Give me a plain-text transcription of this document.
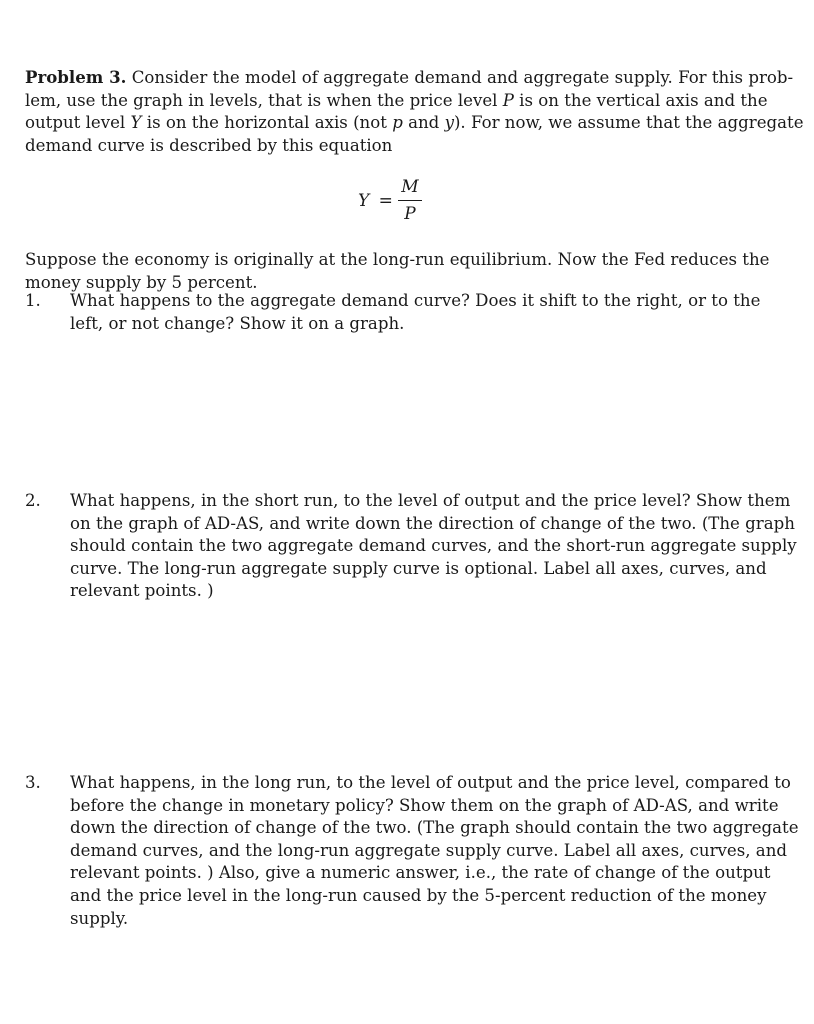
Problem 3. Consider the model of aggregate demand and aggregate supply. For this prob-
lem, use the graph in levels, that is when the price level P is on the vertical axis and the
output level Y is on the horizontal axis (not p and y). For now, we assume that the aggregate
demand curve is described by this equation

Y =
M
P

Suppose the economy is originally at the long-run equilibrium. Now the Fed reduces the
money supply by 5 percent.

1. What happens to the aggregate demand curve? Does it shift to the right, or to the
left, or not change? Show it on a graph.

2. What happens, in the short run, to the level of output and the price level? Show them
on the graph of AD-AS, and write down the direction of change of the two. (The graph
should contain the two aggregate demand curves, and the short-run aggregate supply
curve. The long-run aggregate supply curve is optional. Label all axes, curves, and
relevant points. )

3. What happens, in the long run, to the level of output and the price level, compared to
before the change in monetary policy? Show them on the graph of AD-AS, and write
down the direction of change of the two. (The graph should contain the two aggregate
demand curves, and the long-run aggregate supply curve. Label all axes, curves, and
relevant points. ) Also, give a numeric answer, i.e., the rate of change of the output
and the price level in the long-run caused by the 5-percent reduction of the money
supply.
